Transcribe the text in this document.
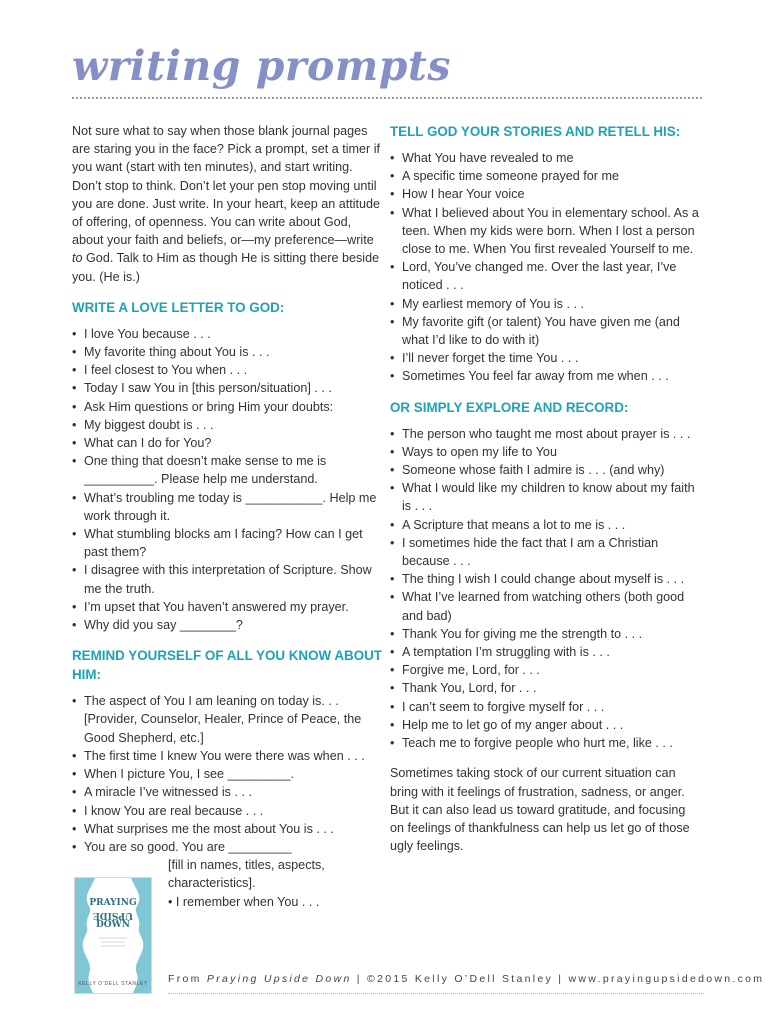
writing prompts

Not sure what to say when those blank journal pages are staring you in the face? Pick a prompt, set a timer if you want (start with ten minutes), and start writing. Don’t stop to think. Don’t let your pen stop moving until you are done. Just write. In your heart, keep an attitude of offering, of openness. You can write about God, about your faith and beliefs, or—my preference—write to God. Talk to Him as though He is sitting there beside you. (He is.)

WRITE A LOVE LETTER TO GOD:
• I love You because . . .
• My favorite thing about You is . . .
• I feel closest to You when . . .
• Today I saw You in [this person/situation] . . .
• Ask Him questions or bring Him your doubts:
• My biggest doubt is . . .
• What can I do for You?
• One thing that doesn’t make sense to me is __________. Please help me understand.
• What’s troubling me today is ___________. Help me work through it.
• What stumbling blocks am I facing? How can I get past them?
• I disagree with this interpretation of Scripture. Show me the truth.
• I’m upset that You haven’t answered my prayer.
• Why did you say ________?
REMIND YOURSELF OF ALL YOU KNOW ABOUT HIM:
• The aspect of You I am leaning on today is. . . [Provider, Counselor, Healer, Prince of Peace, the Good Shepherd, etc.]
• The first time I knew You were there was when . . .
• When I picture You, I see _________.
• A miracle I’ve witnessed is . . .
• I know You are real because . . .
• What surprises me the most about You is . . .
• You are so good. You are _________

[fill in names, titles, aspects, characteristics].

• I remember when You . . .

TELL GOD YOUR STORIES AND RETELL HIS:
• What You have revealed to me
• A specific time someone prayed for me
• How I hear Your voice
• What I believed about You in elementary school. As a teen. When my kids were born. When I lost a person close to me. When You first revealed Yourself to me.
• Lord, You’ve changed me. Over the last year, I’ve noticed . . .
• My earliest memory of You is . . .
• My favorite gift (or talent) You have given me (and what I’d like to do with it)
• I’ll never forget the time You . . .
• Sometimes You feel far away from me when . . .
OR SIMPLY EXPLORE AND RECORD:
• The person who taught me most about prayer is . . .
• Ways to open my life to You
• Someone whose faith I admire is . . . (and why)
• What I would like my children to know about my faith is . . .
• A Scripture that means a lot to me is . . .
• I sometimes hide the fact that I am a Christian because . . .
• The thing I wish I could change about myself is . . .
• What I’ve learned from watching others (both good and bad)
• Thank You for giving me the strength to . . .
• A temptation I’m struggling with is . . .
• Forgive me, Lord, for . . .
• Thank You, Lord, for . . .
• I can’t seem to forgive myself for . . .
• Help me to let go of my anger about . . .
• Teach me to forgive people who hurt me, like . . .

Sometimes taking stock of our current situation can bring with it feelings of frustration, sadness, or anger. But it can also lead us toward gratitude, and focusing on feelings of thankfulness can help us let go of those ugly feelings.

PRAYING
UPSIDE
DOWN
KELLY O’DELL STANLEY	From Praying Upside Down | ©2015 Kelly O’Dell Stanley | www.prayingupsidedown.com
